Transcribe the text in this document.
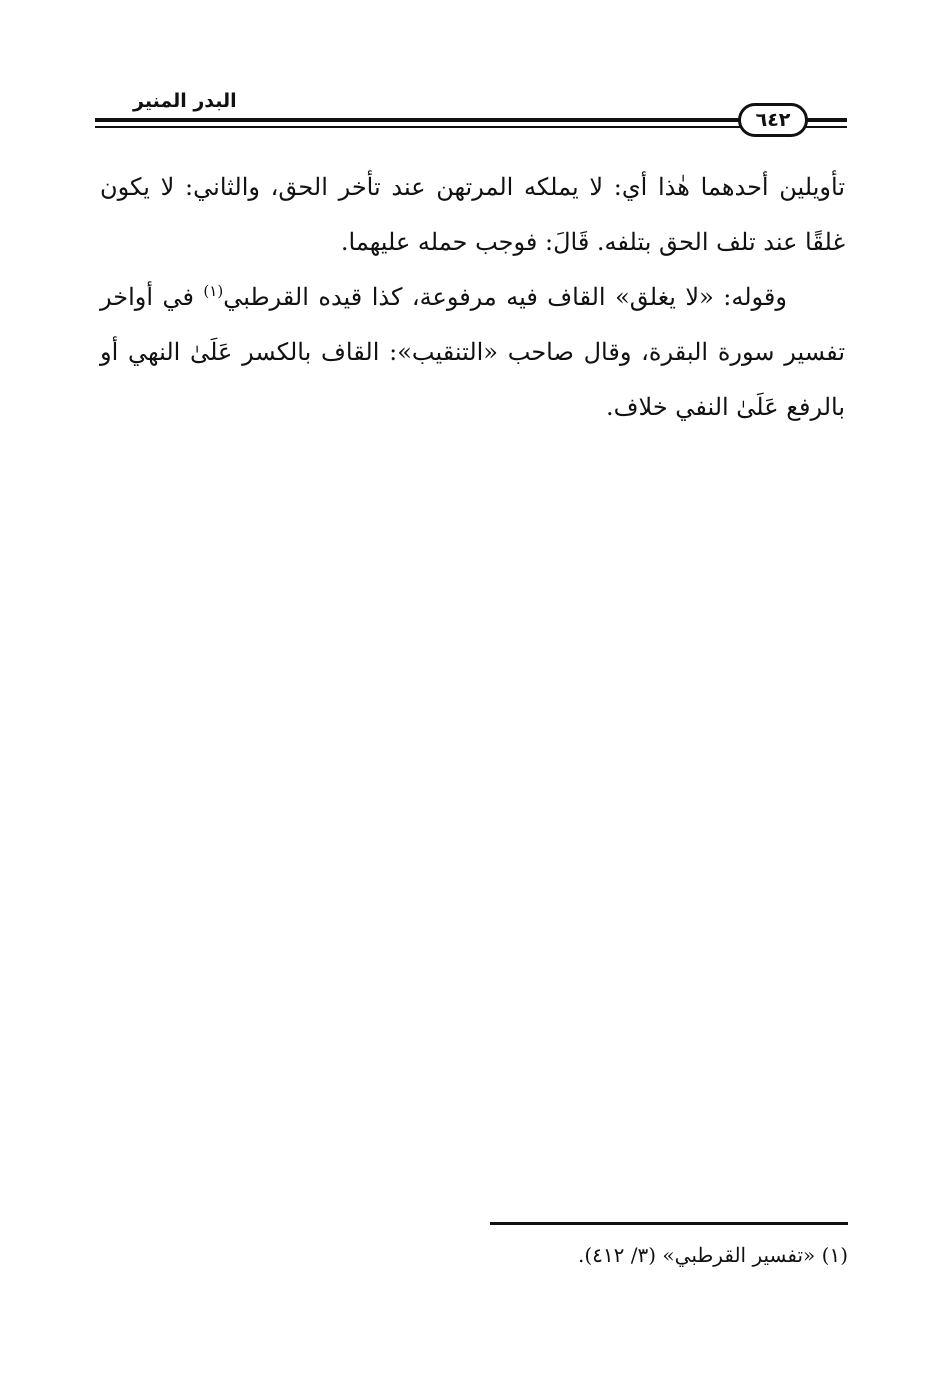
البدر المنير
٦٤٢

تأويلين أحدهما هٰذا أي: لا يملكه المرتهن عند تأخر الحق، والثاني: لا يكون غلقًا عند تلف الحق بتلفه. قَالَ: فوجب حمله عليهما.

وقوله: «لا يغلق» القاف فيه مرفوعة، كذا قيده القرطبي$^{(١)}$ في أواخر تفسير سورة البقرة، وقال صاحب «التنقيب»: القاف بالكسر عَلَىٰ النهي أو بالرفع عَلَىٰ النفي خلاف.

(١) «تفسير القرطبي» (٣/ ٤١٢).
